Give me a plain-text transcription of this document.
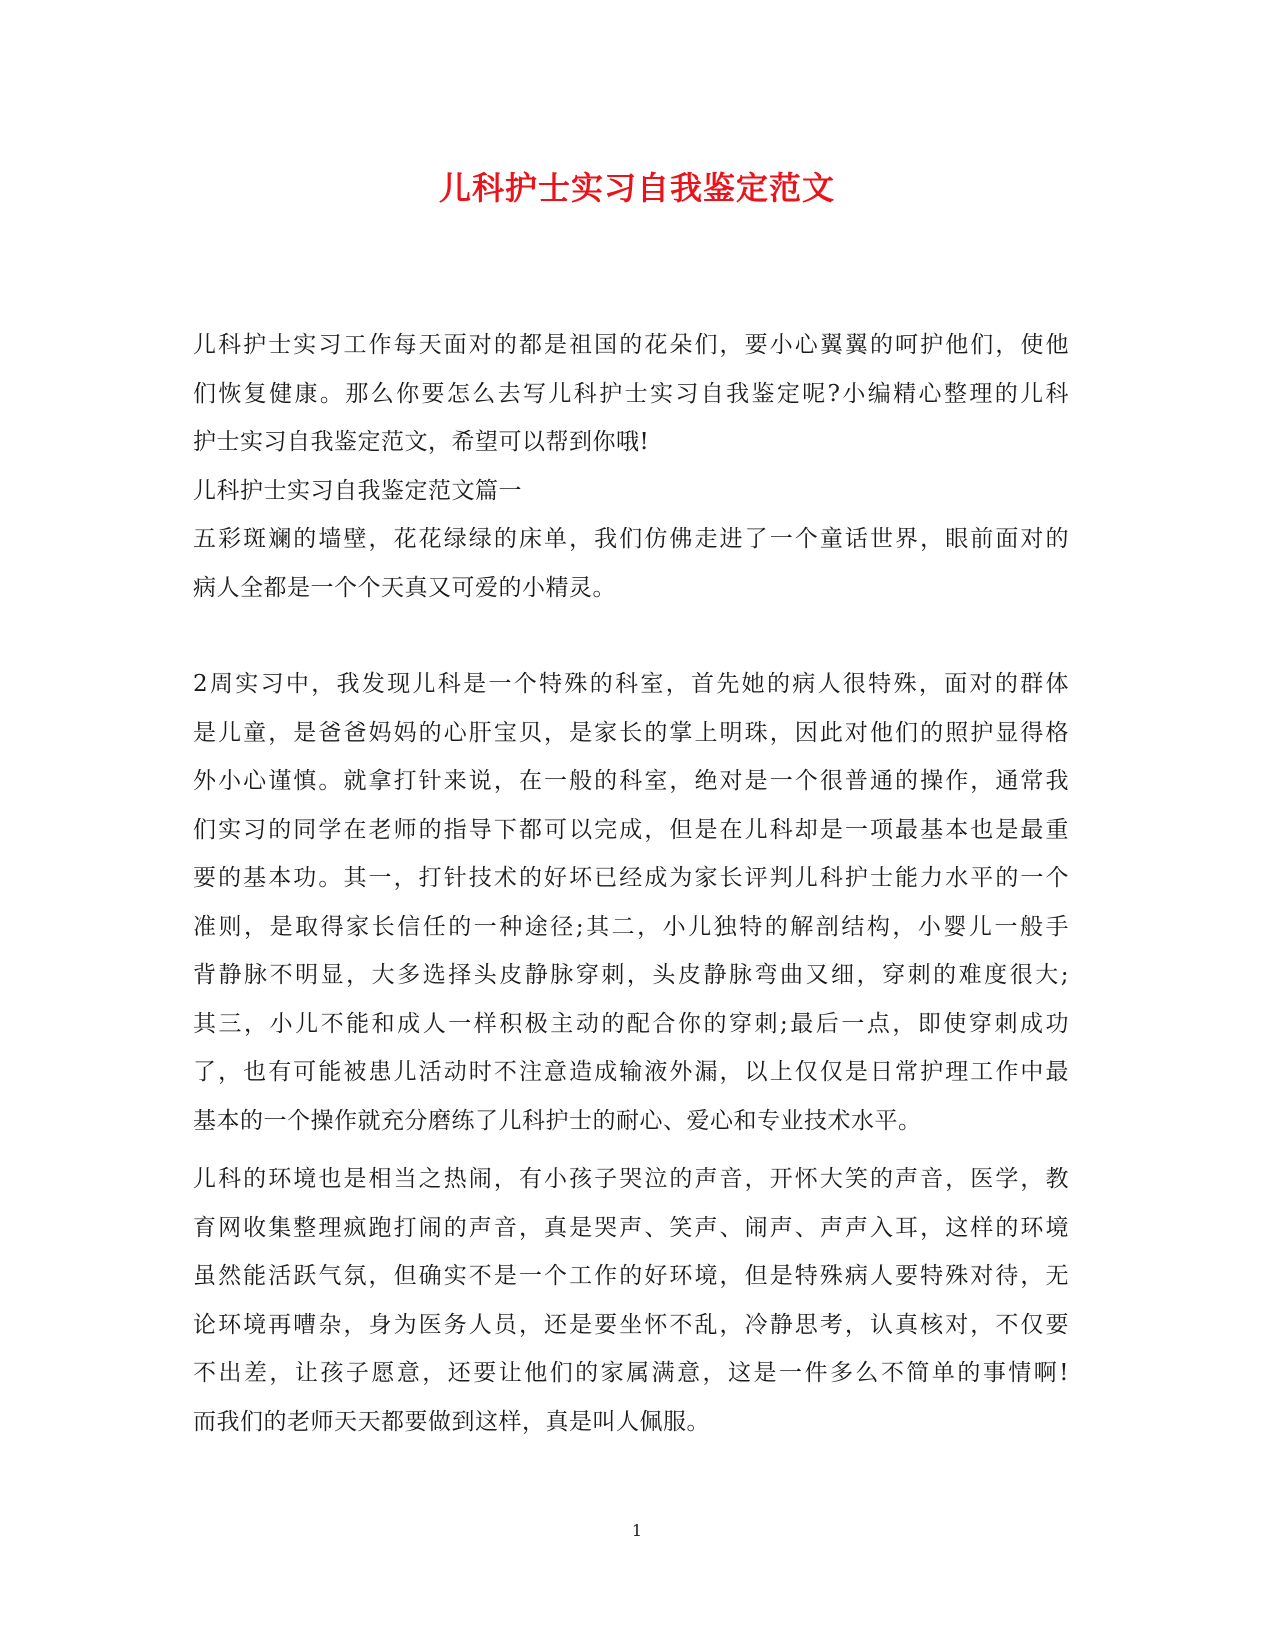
儿科护士实习自我鉴定范文
儿科护士实习工作每天面对的都是祖国的花朵们，要小心翼翼的呵护他们，使他
们恢复健康。那么你要怎么去写儿科护士实习自我鉴定呢?小编精心整理的儿科
护士实习自我鉴定范文，希望可以帮到你哦!
儿科护士实习自我鉴定范文篇一
五彩斑斓的墙壁，花花绿绿的床单，我们仿佛走进了一个童话世界，眼前面对的
病人全都是一个个天真又可爱的小精灵。
2周实习中，我发现儿科是一个特殊的科室，首先她的病人很特殊，面对的群体
是儿童，是爸爸妈妈的心肝宝贝，是家长的掌上明珠，因此对他们的照护显得格
外小心谨慎。就拿打针来说，在一般的科室，绝对是一个很普通的操作，通常我
们实习的同学在老师的指导下都可以完成，但是在儿科却是一项最基本也是最重
要的基本功。其一，打针技术的好坏已经成为家长评判儿科护士能力水平的一个
准则，是取得家长信任的一种途径;其二，小儿独特的解剖结构，小婴儿一般手
背静脉不明显，大多选择头皮静脉穿刺，头皮静脉弯曲又细，穿刺的难度很大;
其三，小儿不能和成人一样积极主动的配合你的穿刺;最后一点，即使穿刺成功
了，也有可能被患儿活动时不注意造成输液外漏，以上仅仅是日常护理工作中最
基本的一个操作就充分磨练了儿科护士的耐心、爱心和专业技术水平。
儿科的环境也是相当之热闹，有小孩子哭泣的声音，开怀大笑的声音，医学，教
育网收集整理疯跑打闹的声音，真是哭声、笑声、闹声、声声入耳，这样的环境
虽然能活跃气氛，但确实不是一个工作的好环境，但是特殊病人要特殊对待，无
论环境再嘈杂，身为医务人员，还是要坐怀不乱，冷静思考，认真核对，不仅要
不出差，让孩子愿意，还要让他们的家属满意，这是一件多么不简单的事情啊!
而我们的老师天天都要做到这样，真是叫人佩服。
1
